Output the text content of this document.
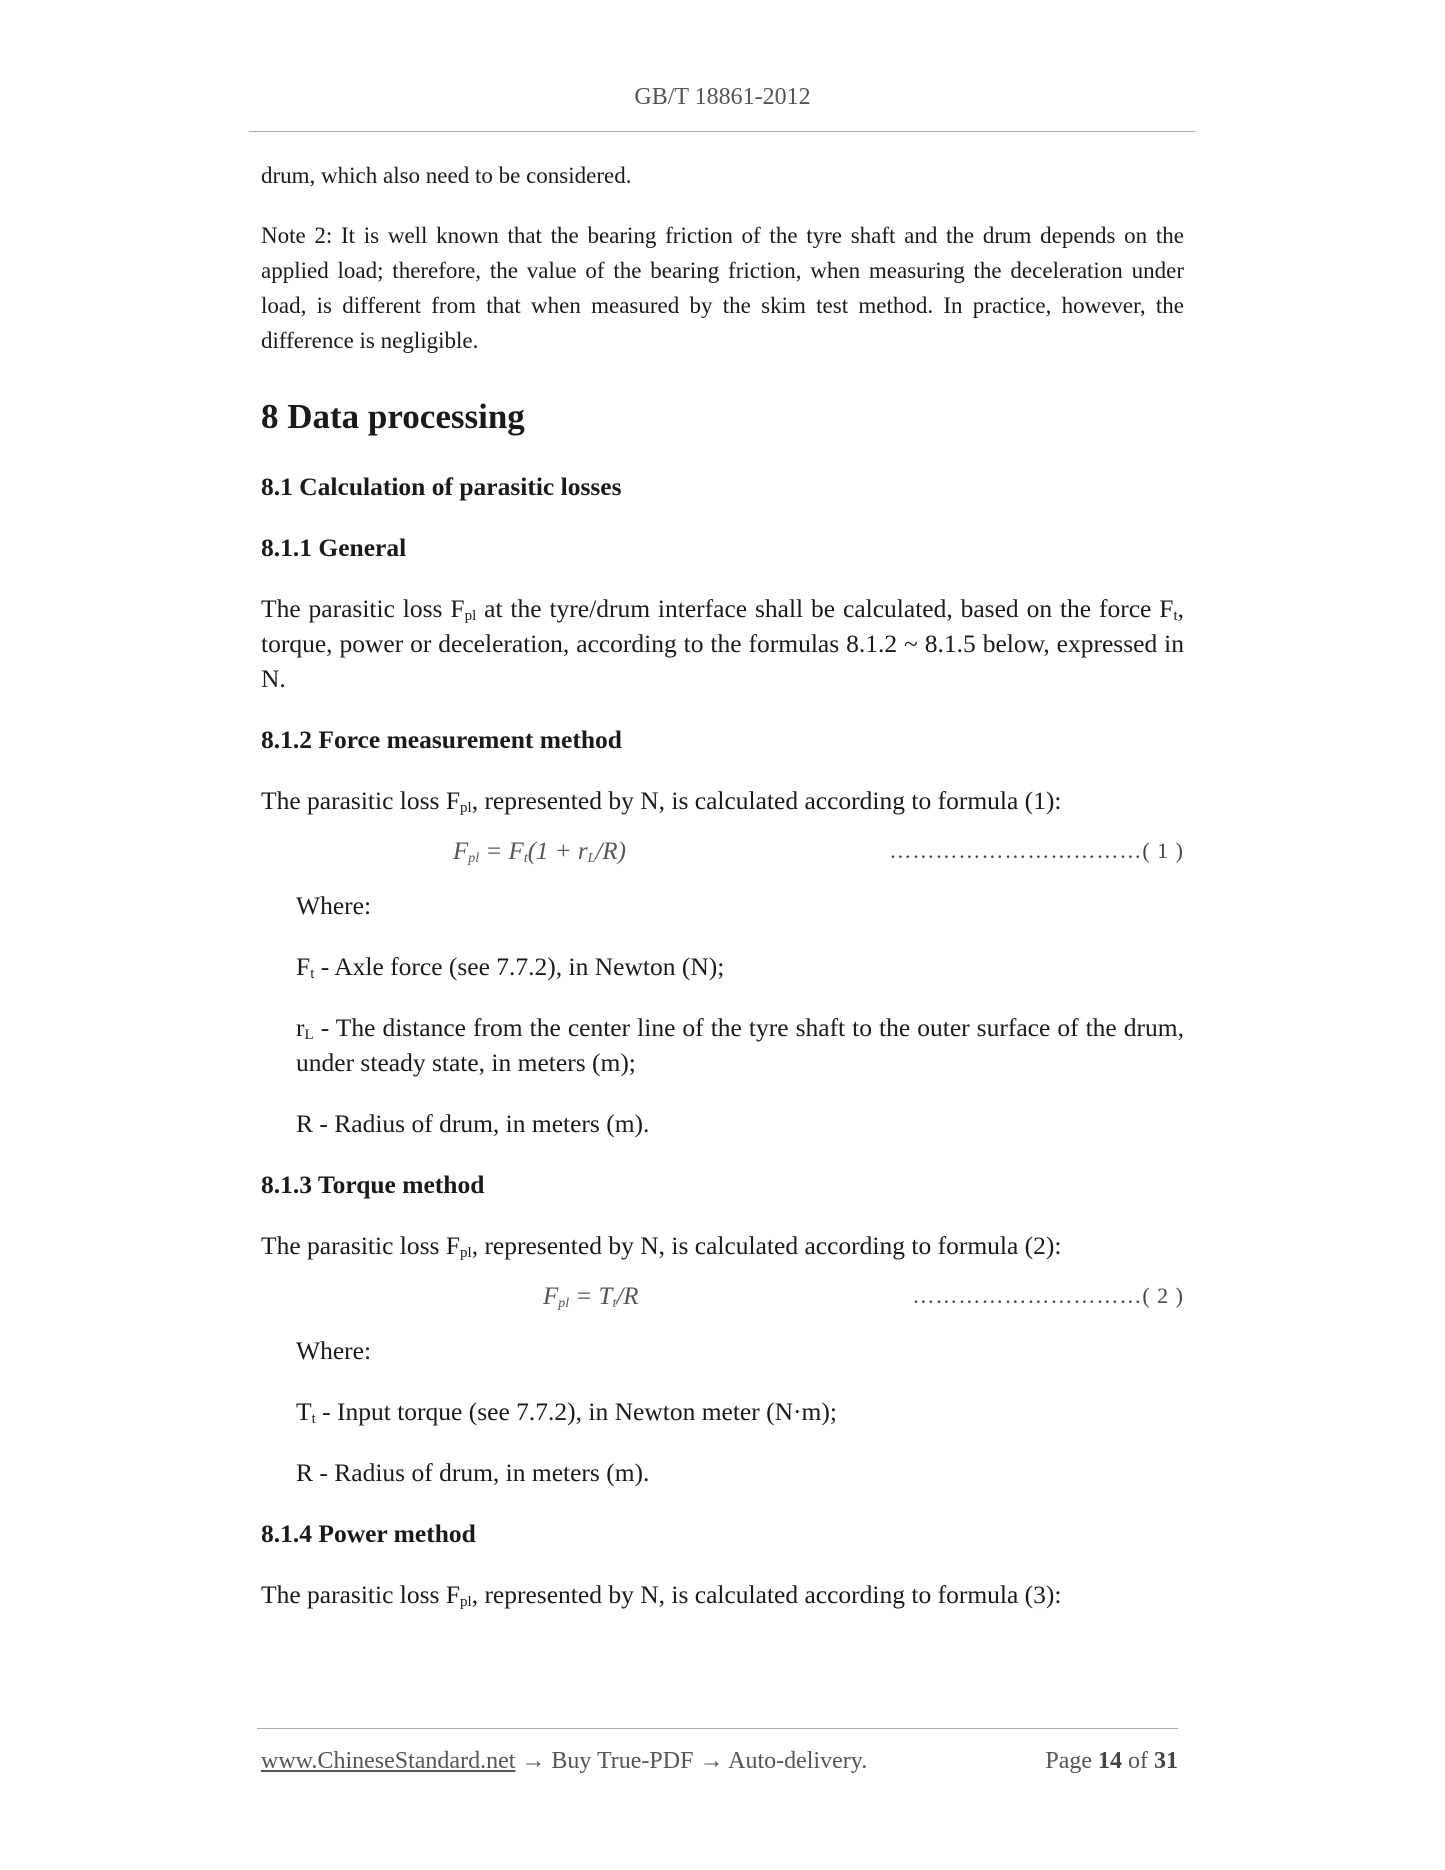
GB/T 18861-2012

drum, which also need to be considered.

Note 2: It is well known that the bearing friction of the tyre shaft and the drum depends on the applied load; therefore, the value of the bearing friction, when measuring the deceleration under load, is different from that when measured by the skim test method. In practice, however, the difference is negligible.

8 Data processing
8.1 Calculation of parasitic losses
8.1.1 General

The parasitic loss $F_{pl}$ at the tyre/drum interface shall be calculated, based on the force $F_t$, torque, power or deceleration, according to the formulas 8.1.2 ~ 8.1.5 below, expressed in N.

8.1.2 Force measurement method

The parasitic loss $F_{pl}$, represented by N, is calculated according to formula (1):

$F_{pl} = F_t(1 + r_L/R)$	……………………………( 1 )

Where:

$F_t$ - Axle force (see 7.7.2), in Newton (N);

$r_L$ - The distance from the center line of the tyre shaft to the outer surface of the drum, under steady state, in meters (m);

R - Radius of drum, in meters (m).

8.1.3 Torque method

The parasitic loss $F_{pl}$, represented by N, is calculated according to formula (2):

$F_{pl} = T_t/R$	…………………………( 2 )

Where:

$T_t$ - Input torque (see 7.7.2), in Newton meter (N·m);

R - Radius of drum, in meters (m).

8.1.4 Power method

The parasitic loss $F_{pl}$, represented by N, is calculated according to formula (3):

www.ChineseStandard.net → Buy True-PDF → Auto-delivery.	Page 14 of 31
